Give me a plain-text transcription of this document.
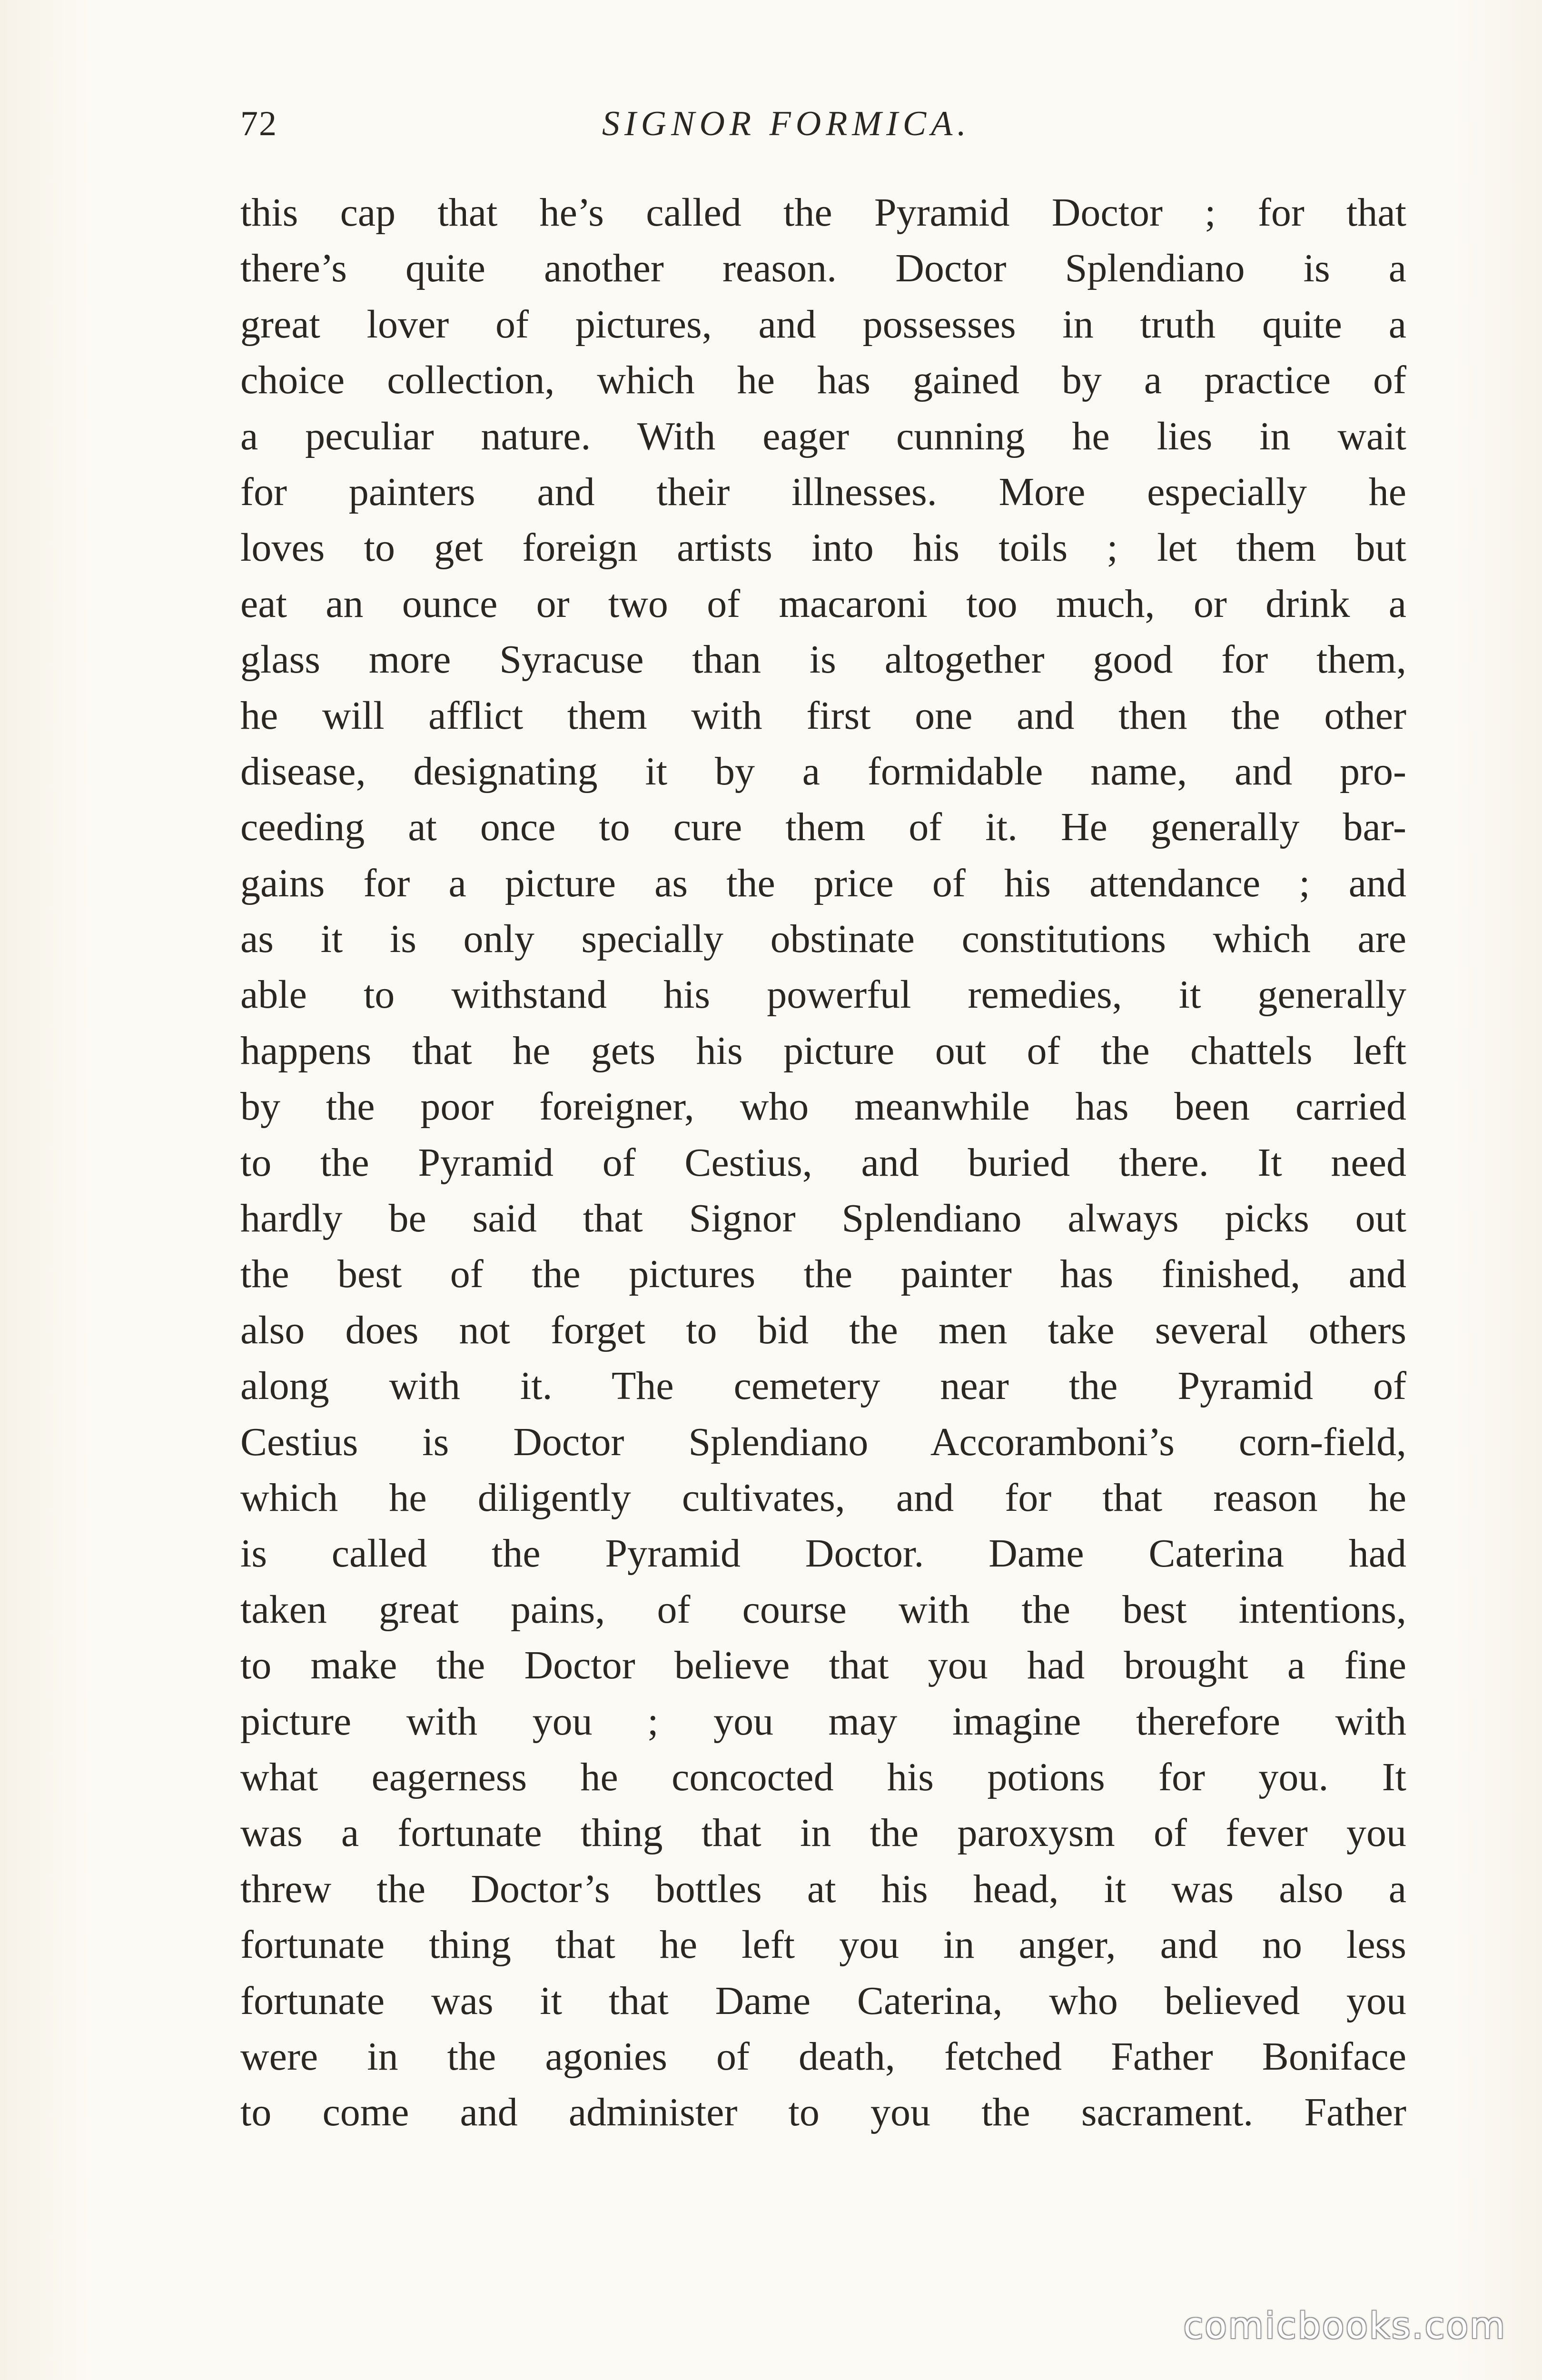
72	SIGNOR FORMICA.
this cap that he’s called the Pyramid Doctor ; for that
there’s quite another reason. Doctor Splendiano is a
great lover of pictures, and possesses in truth quite a
choice collection, which he has gained by a practice of
a peculiar nature. With eager cunning he lies in wait
for painters and their illnesses. More especially he
loves to get foreign artists into his toils ; let them but
eat an ounce or two of macaroni too much, or drink a
glass more Syracuse than is altogether good for them,
he will afflict them with first one and then the other
disease, designating it by a formidable name, and pro-
ceeding at once to cure them of it. He generally bar-
gains for a picture as the price of his attendance ; and
as it is only specially obstinate constitutions which are
able to withstand his powerful remedies, it generally
happens that he gets his picture out of the chattels left
by the poor foreigner, who meanwhile has been carried
to the Pyramid of Cestius, and buried there. It need
hardly be said that Signor Splendiano always picks out
the best of the pictures the painter has finished, and
also does not forget to bid the men take several others
along with it. The cemetery near the Pyramid of
Cestius is Doctor Splendiano Accoramboni’s corn-field,
which he diligently cultivates, and for that reason he
is called the Pyramid Doctor. Dame Caterina had
taken great pains, of course with the best intentions,
to make the Doctor believe that you had brought a fine
picture with you ; you may imagine therefore with
what eagerness he concocted his potions for you. It
was a fortunate thing that in the paroxysm of fever you
threw the Doctor’s bottles at his head, it was also a
fortunate thing that he left you in anger, and no less
fortunate was it that Dame Caterina, who believed you
were in the agonies of death, fetched Father Boniface
to come and administer to you the sacrament. Father
comicbooks.com
